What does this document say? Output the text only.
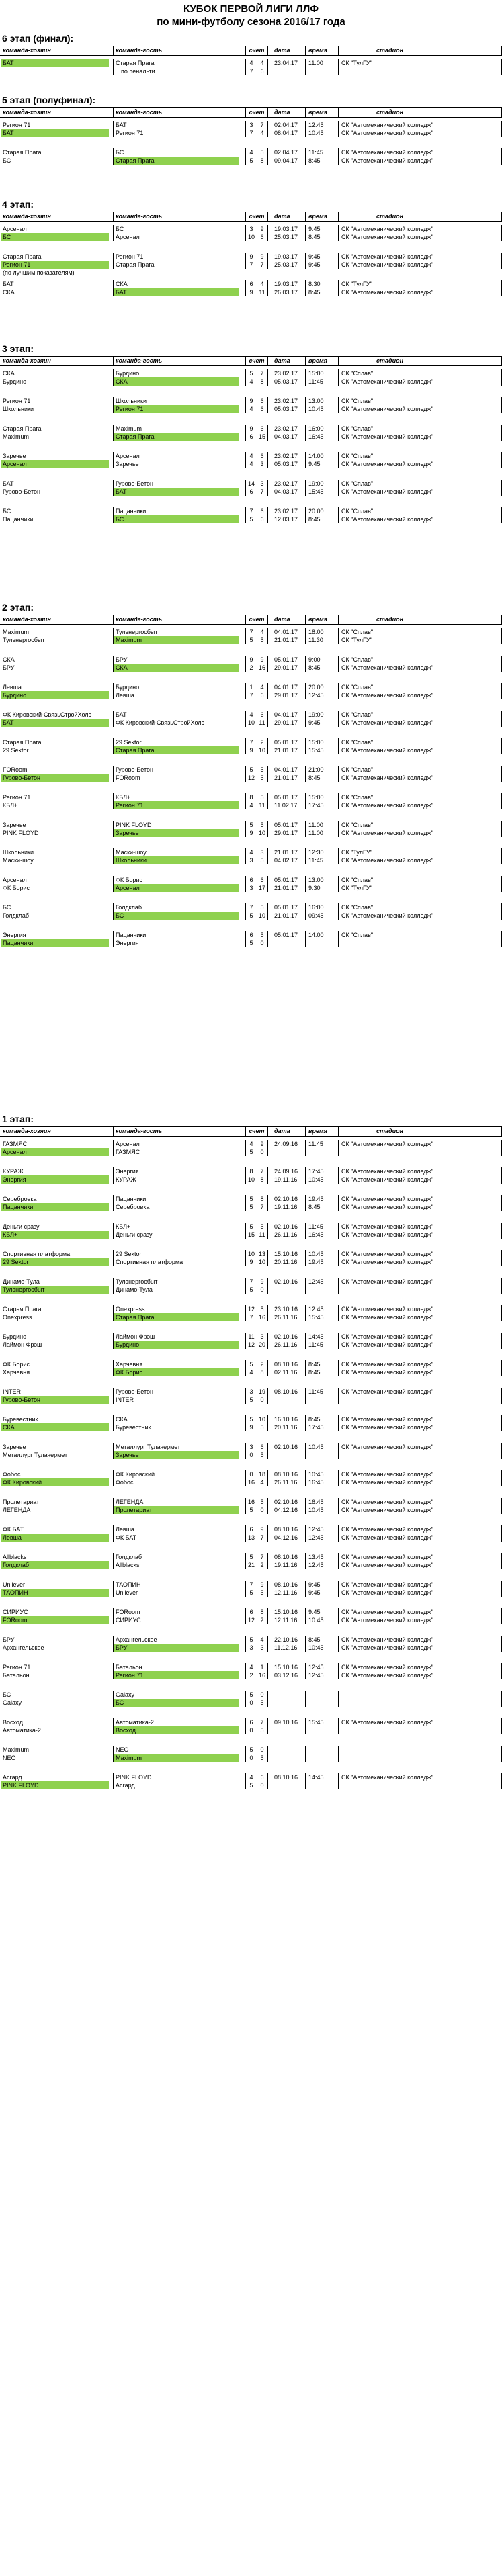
КУБОК ПЕРВОЙ ЛИГИ ЛЛФ
по мини-футболу сезона 2016/17 года
6 этап (финал):
команда-хозяин	команда-гость	счет дата	время	стадион
БАТ	Старая Прага	4	4	23.04.17	11:00	СК "ТулГУ"
7	6
по пенальти
5 этап (полуфинал):
команда-хозяин	команда-гость	счет дата	время	стадион
Регион 71	БАТ	3	7	02.04.17	12:45	СК "Автомеханический колледж"
БАТ	Регион 71	7	4	08.04.17	10:45	СК "Автомеханический колледж"
Старая Прага	БС	4	5	02.04.17	11:45	СК "Автомеханический колледж"
БС	Старая Прага	5	8	09.04.17	8:45	СК "Автомеханический колледж"
4 этап:
команда-хозяин	команда-гость	счет дата	время	стадион
Арсенал	БС	3	9	19.03.17	9:45	СК "Автомеханический колледж"
БС	Арсенал	10 6	25.03.17	8:45	СК "Автомеханический колледж"
Старая Прага	Регион 71	9	9	19.03.17	9:45	СК "Автомеханический колледж"
Регион 71	Старая Прага	7	7	25.03.17	9:45	СК "Автомеханический колледж"
(по лучшим показателям)
БАТ	СКА	6	4	19.03.17	8:30	СК "ТулГУ"
СКА	БАТ	9 11 26.03.17	8:45	СК "Автомеханический колледж"
3 этап:
команда-хозяин	команда-гость	счет дата	время	стадион
СКА	Бурдино	5	7	23.02.17	15:00	СК "Сплав"
Бурдино	СКА	4	8	05.03.17	11:45	СК "Автомеханический колледж"
Регион 71	Школьники	9	6	23.02.17	13:00	СК "Сплав"
Школьники	Регион 71	4	6	05.03.17	10:45	СК "Автомеханический колледж"
Старая Прага	Maximum	9	6	23.02.17	16:00	СК "Сплав"
Maximum	Старая Прага	6 15 04.03.17	16:45	СК "Автомеханический колледж"
Заречье	Арсенал	4	6	23.02.17	14:00	СК "Сплав"
Арсенал	Заречье	4	3	05.03.17	9:45	СК "Автомеханический колледж"
БАТ	Гурово-Бетон	14 3	23.02.17	19:00	СК "Сплав"
Гурово-Бетон	БАТ	6	7	04.03.17	15:45	СК "Автомеханический колледж"
БС	Пацанчики	7	6	23.02.17	20:00	СК "Сплав"
Пацанчики	БС	5	6	12.03.17	8:45	СК "Автомеханический колледж"
2 этап:
команда-хозяин	команда-гость	счет дата	время	стадион
Maximum	Тулэнергосбыт	7	4	04.01.17	18:00	СК "Сплав"
Тулэнергосбыт	Maximum	5	5	21.01.17	11:30	СК "ТулГУ"
СКА	БРУ	9	9	05.01.17	9:00	СК "Сплав"
БРУ	СКА	2 16 29.01.17	8:45	СК "Автомеханический колледж"
Левша	Бурдино	1	4	04.01.17	20:00	СК "Сплав"
Бурдино	Левша	7	6	29.01.17	12:45	СК "Автомеханический колледж"
ФК Кировский-СвязьСтройХолс	БАТ	4	6	04.01.17	19:00	СК "Сплав"
БАТ	ФК Кировский-СвязьСтройХолс	10 11 29.01.17	9:45	СК "Автомеханический колледж"
Старая Прага	29 Sektor	7	2	05.01.17	15:00	СК "Сплав"
29 Sektor	Старая Прага	9 10 21.01.17	15:45	СК "Автомеханический колледж"
FORoom	Гурово-Бетон	5	5	04.01.17	21:00	СК "Сплав"
Гурово-Бетон	FORoom	12 5	21.01.17	8:45	СК "Автомеханический колледж"
Регион 71	КБЛ+	8	5	05.01.17	15:00	СК "Сплав"
КБЛ+	Регион 71	4 11 11.02.17	17:45	СК "Автомеханический колледж"
Заречье	PINK FLOYD	5	5	05.01.17	11:00	СК "Сплав"
PINK FLOYD	Заречье	9 10 29.01.17	11:00	СК "Автомеханический колледж"
Школьники	Маски-шоу	4	3	21.01.17	12:30	СК "ТулГУ"
Маски-шоу	Школьники	3	5	04.02.17	11:45	СК "Автомеханический колледж"
Арсенал	ФК Борис	6	6	05.01.17	13:00	СК "Сплав"
ФК Борис	Арсенал	3 17 21.01.17	9:30	СК "ТулГУ"
БС	Голдклаб	7	5	05.01.17	16:00	СК "Сплав"
Голдклаб	БС	5 10 21.01.17	09:45	СК "Автомеханический колледж"
Энергия	Пацанчики	6	5	05.01.17	14:00	СК "Сплав"
Пацанчики	Энергия	5	0
1 этап:
команда-хозяин	команда-гость	счет дата	время	стадион
ГАЗМЯС	Арсенал	4	9	24.09.16	11:45	СК "Автомеханический колледж"
Арсенал	ГАЗМЯС	5	0
КУРАЖ	Энергия	8	7	24.09.16	17:45	СК "Автомеханический колледж"
Энергия	КУРАЖ	10 8	19.11.16	10:45	СК "Автомеханический колледж"
Серебровка	Пацанчики	5	8	02.10.16	19:45	СК "Автомеханический колледж"
Пацанчики	Серебровка	5	7	19.11.16	8:45	СК "Автомеханический колледж"
Деньги сразу	КБЛ+	5	5	02.10.16	11:45	СК "Автомеханический колледж"
КБЛ+	Деньги сразу	15 11 26.11.16	16:45	СК "Автомеханический колледж"
Спортивная платформа	29 Sektor	10 13 15.10.16	10:45	СК "Автомеханический колледж"
29 Sektor	Спортивная платформа	9 10 20.11.16	19:45	СК "Автомеханический колледж"
Динамо-Тула	Тулэнергосбыт	7	9	02.10.16	12:45	СК "Автомеханический колледж"
Тулэнергосбыт	Динамо-Тула	5	0
Старая Прага	Onexpress	12 5	23.10.16	12:45	СК "Автомеханический колледж"
Onexpress	Старая Прага	7 16 26.11.16	15:45	СК "Автомеханический колледж"
Бурдино	Лаймон Фрэш	11 3	02.10.16	14:45	СК "Автомеханический колледж"
Лаймон Фрэш	Бурдино	12 20 26.11.16	11:45	СК "Автомеханический колледж"
ФК Борис	Харчевня	5	2	08.10.16	8:45	СК "Автомеханический колледж"
Харчевня	ФК Борис	4	8	02.11.16	8:45	СК "Автомеханический колледж"
INTER	Гурово-Бетон	3 19 08.10.16	11:45	СК "Автомеханический колледж"
Гурово-Бетон	INTER	5	0
Буревестник	СКА	5 10 16.10.16	8:45	СК "Автомеханический колледж"
СКА	Буревестник	9	5	20.11.16	17:45	СК "Автомеханический колледж"
Заречье	Металлург Тулачермет	3	6	02.10.16	10:45	СК "Автомеханический колледж"
Металлург Тулачермет	Заречье	0	5
Фобос	ФК Кировский	0 18 08.10.16	10:45	СК "Автомеханический колледж"
ФК Кировский	Фобос	16 4	26.11.16	16:45	СК "Автомеханический колледж"
Пролетариат	ЛЕГЕНДА	16 5	02.10.16	16:45	СК "Автомеханический колледж"
ЛЕГЕНДА	Пролетариат	5	0	04.12.16	10:45	СК "Автомеханический колледж"
ФК БАТ	Левша	6	9	08.10.16	12:45	СК "Автомеханический колледж"
Левша	ФК БАТ	13 7	04.12.16	12:45	СК "Автомеханический колледж"
Allblacks	Голдклаб	5	7	08.10.16	13:45	СК "Автомеханический колледж"
Голдклаб	Allblacks	21 2	19.11.16	12:45	СК "Автомеханический колледж"
Unilever	ТАОПИН	7	9	08.10.16	9:45	СК "Автомеханический колледж"
ТАОПИН	Unilever	5	5	12.11.16	9:45	СК "Автомеханический колледж"
СИРИУС	FORoom	6	8	15.10.16	9:45	СК "Автомеханический колледж"
FORoom	СИРИУС	12 2	12.11.16	10:45	СК "Автомеханический колледж"
БРУ	Архангельское	5	4	22.10.16	8:45	СК "Автомеханический колледж"
Архангельское	БРУ	3	3	11.12.16	10:45	СК "Автомеханический колледж"
Регион 71	Батальон	4	1	15.10.16	12:45	СК "Автомеханический колледж"
Батальон	Регион 71	2 16 03.12.16	12:45	СК "Автомеханический колледж"
БС	Galaxy	5	0
Galaxy	БС	0	5
Восход	Автоматика-2	6	7	09.10.16	15:45	СК "Автомеханический колледж"
Автоматика-2	Восход	0	5
Maximum	NEO	5	0
NEO	Maximum	0	5
Асгард	PINK FLOYD	4	6	08.10.16	14:45	СК "Автомеханический колледж"
PINK FLOYD	Асгард	5	0
